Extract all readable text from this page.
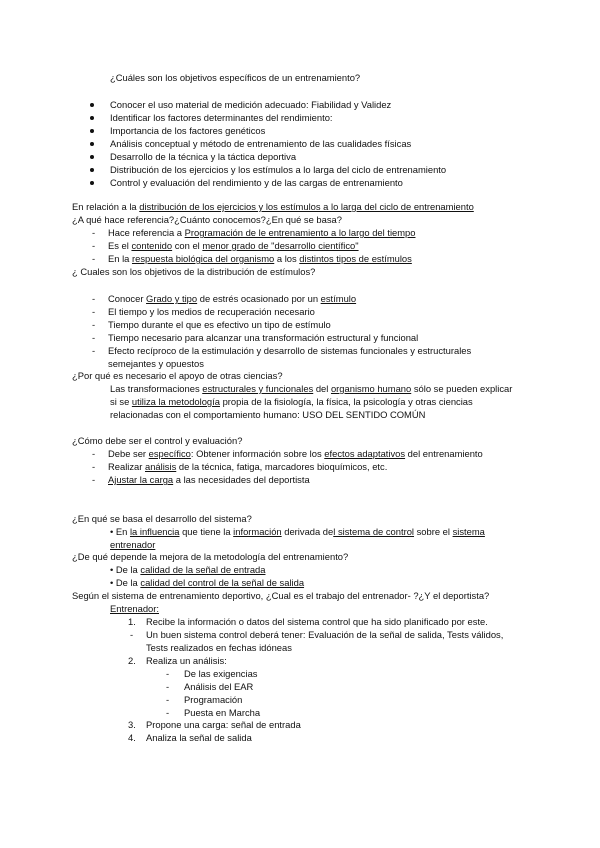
¿Cuáles son los objetivos específicos de un entrenamiento?
Conocer el uso material de medición adecuado: Fiabilidad y Validez
Identificar los factores determinantes del rendimiento:
Importancia de los factores genéticos
Análisis conceptual y método de entrenamiento de las cualidades físicas
Desarrollo de la técnica y la táctica deportiva
Distribución de los ejercicios y los estímulos a lo larga del ciclo de entrenamiento
Control y evaluación del rendimiento y de las cargas de entrenamiento
En relación a la distribución de los ejercicios y los estímulos a lo larga del ciclo de entrenamiento
¿A qué hace referencia?¿Cuánto conocemos?¿En qué se basa?
- Hace referencia a Programación de le entrenamiento a lo largo del tiempo
- Es el contenido con el menor grado de "desarrollo científico"
- En la respuesta biológica del organismo a los distintos tipos de estímulos
¿ Cuales son los objetivos de la distribución de estímulos?
- Conocer Grado y tipo de estrés ocasionado por un estímulo
- El tiempo y los medios de recuperación necesario
- Tiempo durante el que es efectivo un tipo de estímulo
- Tiempo necesario para alcanzar una transformación estructural y funcional
- Efecto recíproco de la estimulación y desarrollo de sistemas funcionales y estructurales
semejantes y opuestos
¿Por qué es necesario el apoyo de otras ciencias?
Las transformaciones estructurales y funcionales del organismo humano sólo se pueden explicar
si se utiliza la metodología propia de la fisiología, la física, la psicología y otras ciencias
relacionadas con el comportamiento humano: USO DEL SENTIDO COMÚN
¿Cómo debe ser el control y evaluación?
- Debe ser específico: Obtener información sobre los efectos adaptativos del entrenamiento
- Realizar análisis de la técnica, fatiga, marcadores bioquímicos, etc.
- Ajustar la carga a las necesidades del deportista
¿En qué se basa el desarrollo del sistema?
• En la influencia que tiene la información derivada del sistema de control sobre el sistema
entrenador
¿De qué depende la mejora de la metodología del entrenamiento?
• De la calidad de la señal de entrada
• De la calidad del control de la señal de salida
Según el sistema de entrenamiento deportivo, ¿Cual es el trabajo del entrenador- ?¿Y el deportista?
Entrenador:
1. Recibe la información o datos del sistema control que ha sido planificado por este.
- Un buen sistema control deberá tener: Evaluación de la señal de salida, Tests válidos,
Tests realizados en fechas idóneas
2. Realiza un análisis:
- De las exigencias
- Análisis del EAR
- Programación
- Puesta en Marcha
3. Propone una carga: señal de entrada
4. Analiza la señal de salida
